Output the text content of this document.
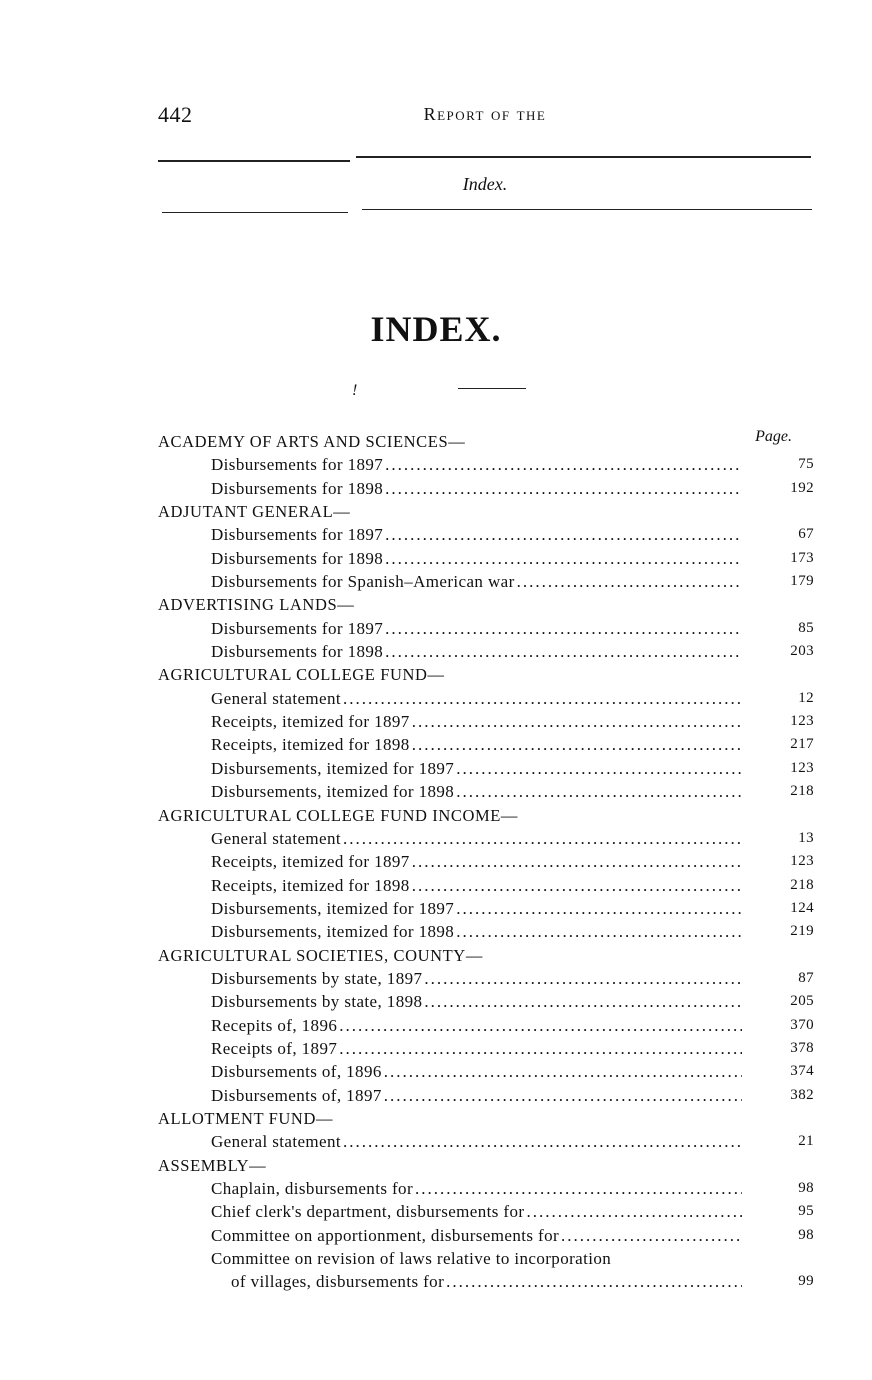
442	Report of the
Index.
INDEX.
!
Page.
ACADEMY OF ARTS AND SCIENCES—
Disbursements for 1897 .....	75
Disbursements for 1898 .....	192
ADJUTANT GENERAL—
Disbursements for 1897 .....	67
Disbursements for 1898 .....	173
Disbursements for Spanish–American war .....	179
ADVERTISING LANDS—
Disbursements for 1897 .....	85
Disbursements for 1898 .....	203
AGRICULTURAL COLLEGE FUND—
General statement .....	12
Receipts, itemized for 1897 .....	123
Receipts, itemized for 1898 .....	217
Disbursements, itemized for 1897 .....	123
Disbursements, itemized for 1898 .....	218
AGRICULTURAL COLLEGE FUND INCOME—
General statement .....	13
Receipts, itemized for 1897 .....	123
Receipts, itemized for 1898 .....	218
Disbursements, itemized for 1897 .....	124
Disbursements, itemized for 1898 .....	219
AGRICULTURAL SOCIETIES, COUNTY—
Disbursements by state, 1897 .....	87
Disbursements by state, 1898 .....	205
Recepits of, 1896 .....	370
Receipts of, 1897 .....	378
Disbursements of, 1896 .....	374
Disbursements of, 1897 .....	382
ALLOTMENT FUND—
General statement .....	21
ASSEMBLY—
Chaplain, disbursements for .....	98
Chief clerk's department, disbursements for .....	95
Committee on apportionment, disbursements for .....	98
Committee on revision of laws relative to incorporation
of villages, disbursements for .....	99
